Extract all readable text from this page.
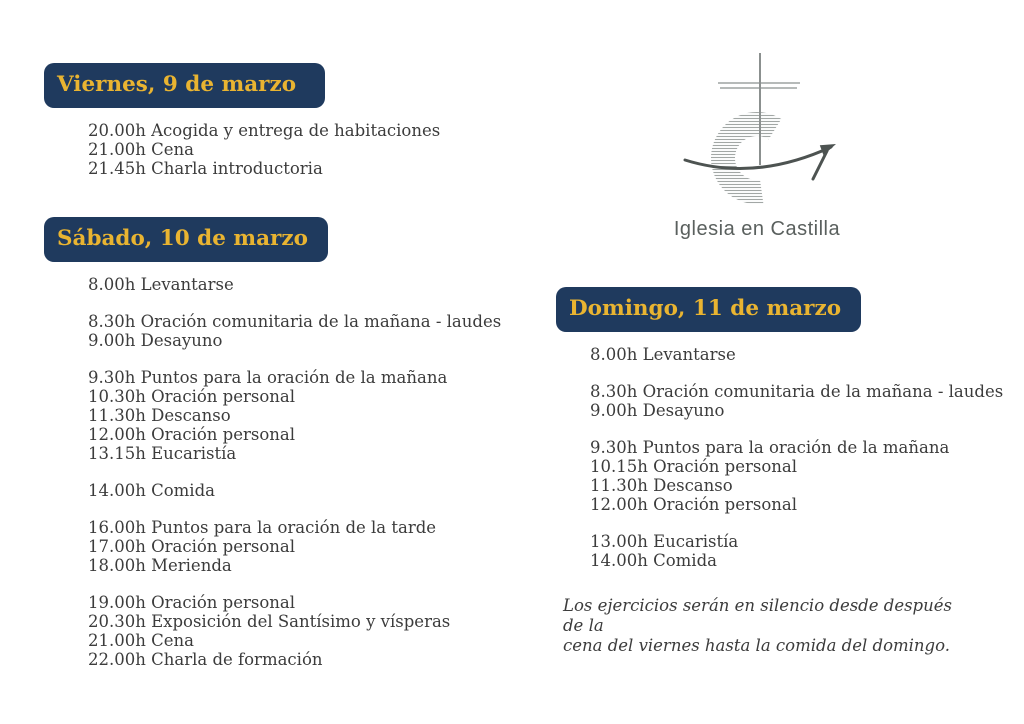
Iglesia en Castilla
Los ejercicios serán en silencio desde después de la
cena del viernes hasta la comida del domingo.
Viernes, 9 de marzo
20.00h Acogida y entrega de habitaciones
21.00h Cena
21.45h Charla introductoria
Sábado, 10 de marzo
8.00h Levantarse
8.30h Oración comunitaria de la mañana - laudes
9.00h Desayuno
9.30h Puntos para la oración de la mañana
10.30h Oración personal
11.30h Descanso
12.00h Oración personal
13.15h Eucaristía
14.00h Comida
16.00h Puntos para la oración de la tarde
17.00h Oración personal
18.00h Merienda
19.00h Oración personal
20.30h Exposición del Santísimo y vísperas
21.00h Cena
22.00h Charla de formación
Domingo, 11 de marzo
8.00h Levantarse
8.30h Oración comunitaria de la mañana - laudes
9.00h Desayuno
9.30h Puntos para la oración de la mañana
10.15h Oración personal
11.30h Descanso
12.00h Oración personal
13.00h Eucaristía
14.00h Comida
